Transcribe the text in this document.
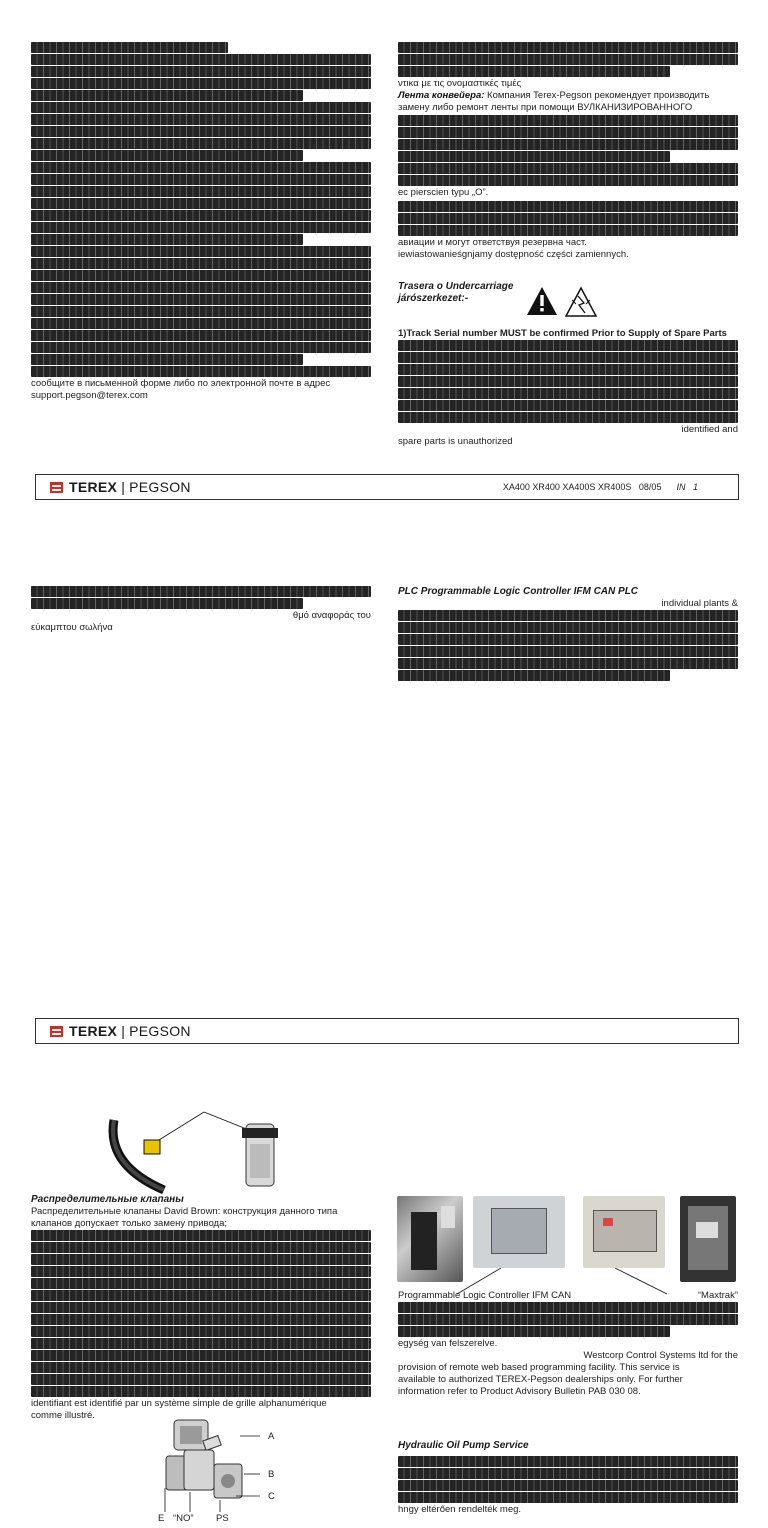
сообщите в письменной форме либо по электронной почте в адрес
support.pegson@terex.com
ντικα με τις ονομαστικές τιμές
Лента конвейера: Компания Terex-Pegson рекомендует производить
замену либо ремонт ленты при помощи ВУЛКАНИЗИРОВАННОГО
ec pierscien typu „O”.
авиации и могут ответствуя резервна част.
iewiastowanieśgnjamy dostępność części zamiennych.
Trasera o Undercarriage
járószerkezet:-
1)Track Serial number MUST be confirmed Prior to Supply of Spare Parts
identified and
spare parts is unauthorized
TEREX | PEGSON	XA400 XR400 XA400S XR400S 08/05 IN 1
θμό αναφοράς του
εύκαμπτου σωλήνα
Распределительные клапаны
Распределительные клапаны David Brown: конструкция данного типа
клапанов допускает только замену привода;
identifiant est identifié par un système simple de grille alphanumérique
comme illustré.
A
B
C
E “NO” PS
PLC Programmable Logic Controller IFM CAN PLC
individual plants &
Programmable Logic Controller IFM CAN	“Maxtrak”
egység van felszerelve.
Westcorp Control Systems ltd for the
provision of remote web based programming facility. This service is
available to authorized TEREX-Pegson dealerships only. For further
information refer to Product Advisory Bulletin PAB 030 08.
Hydraulic Oil Pump Service
hngy eltérően rendelték meg.
TEREX | PEGSON
